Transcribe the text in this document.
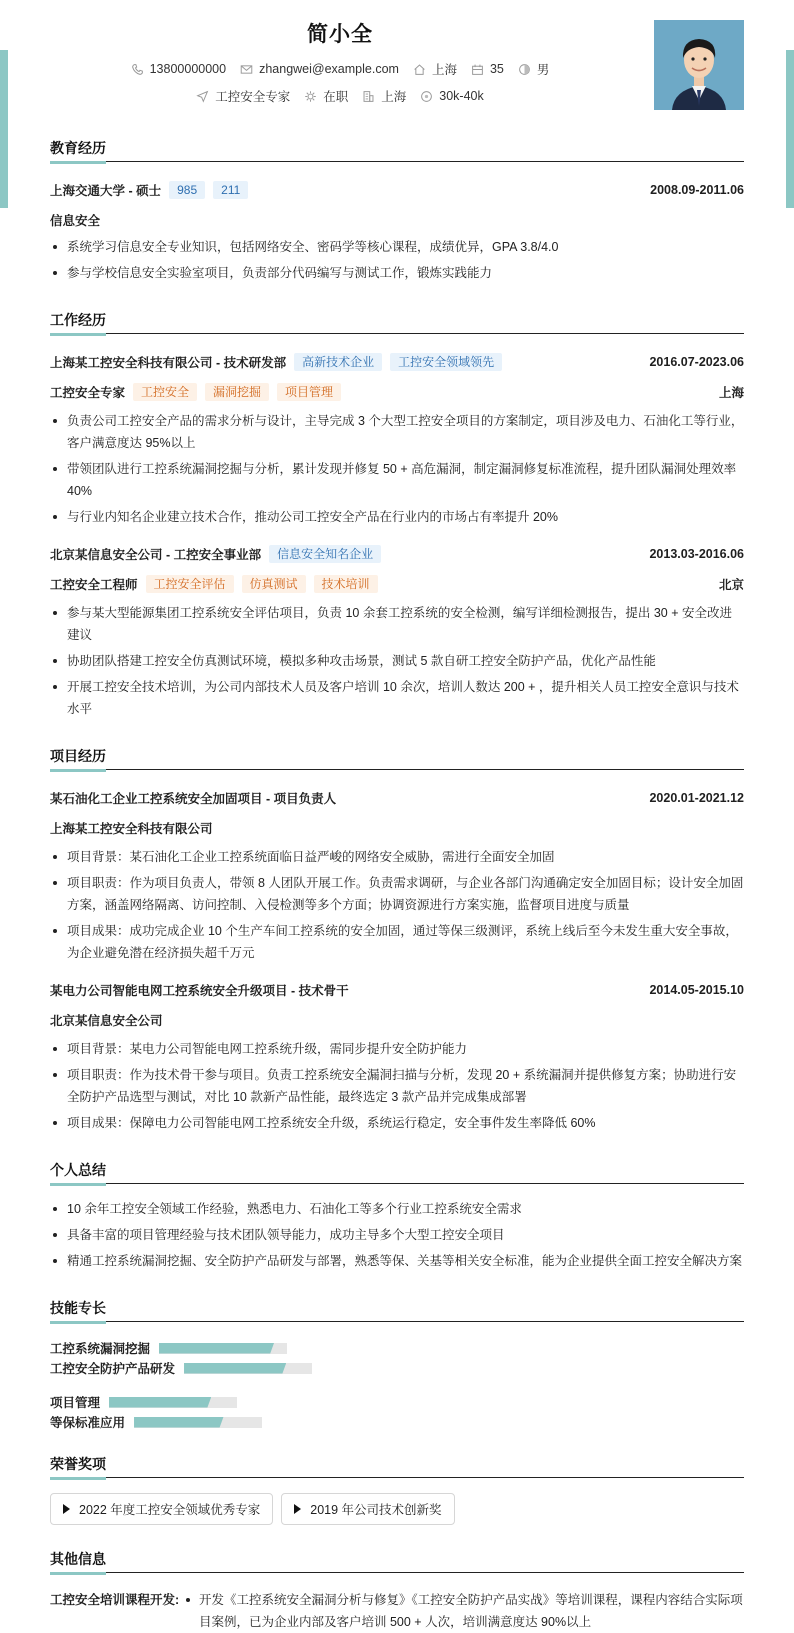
简小全
13800000000	zhangwei@example.com	上海	35	男
工控安全专家	在职	上海	30k-40k
教育经历
上海交通大学 - 硕士	985	211	2008.09-2011.06
信息安全
系统学习信息安全专业知识，包括网络安全、密码学等核心课程，成绩优异，GPA 3.8/4.0
参与学校信息安全实验室项目，负责部分代码编写与测试工作，锻炼实践能力
工作经历
上海某工控安全科技有限公司 - 技术研发部	高新技术企业	工控安全领域领先	2016.07-2023.06
工控安全专家	工控安全	漏洞挖掘	项目管理	上海
负责公司工控安全产品的需求分析与设计，主导完成 3 个大型工控安全项目的方案制定，项目涉及电力、石油化工等行业，客户满意度达 95%以上
带领团队进行工控系统漏洞挖掘与分析，累计发现并修复 50 + 高危漏洞，制定漏洞修复标准流程，提升团队漏洞处理效率 40%
与行业内知名企业建立技术合作，推动公司工控安全产品在行业内的市场占有率提升 20%
北京某信息安全公司 - 工控安全事业部	信息安全知名企业	2013.03-2016.06
工控安全工程师	工控安全评估	仿真测试	技术培训	北京
参与某大型能源集团工控系统安全评估项目，负责 10 余套工控系统的安全检测，编写详细检测报告，提出 30 + 安全改进建议
协助团队搭建工控安全仿真测试环境，模拟多种攻击场景，测试 5 款自研工控安全防护产品，优化产品性能
开展工控安全技术培训，为公司内部技术人员及客户培训 10 余次，培训人数达 200 + ，提升相关人员工控安全意识与技术水平
项目经历
某石油化工企业工控系统安全加固项目 - 项目负责人	2020.01-2021.12
上海某工控安全科技有限公司
项目背景：某石油化工企业工控系统面临日益严峻的网络安全威胁，需进行全面安全加固
项目职责：作为项目负责人，带领 8 人团队开展工作。负责需求调研，与企业各部门沟通确定安全加固目标；设计安全加固方案，涵盖网络隔离、访问控制、入侵检测等多个方面；协调资源进行方案实施，监督项目进度与质量
项目成果：成功完成企业 10 个生产车间工控系统的安全加固，通过等保三级测评，系统上线后至今未发生重大安全事故，为企业避免潜在经济损失超千万元
某电力公司智能电网工控系统安全升级项目 - 技术骨干	2014.05-2015.10
北京某信息安全公司
项目背景：某电力公司智能电网工控系统升级，需同步提升安全防护能力
项目职责：作为技术骨干参与项目。负责工控系统安全漏洞扫描与分析，发现 20 + 系统漏洞并提供修复方案；协助进行安全防护产品选型与测试，对比 10 款新产品性能，最终选定 3 款产品并完成集成部署
项目成果：保障电力公司智能电网工控系统安全升级，系统运行稳定，安全事件发生率降低 60%
个人总结
10 余年工控安全领域工作经验，熟悉电力、石油化工等多个行业工控系统安全需求
具备丰富的项目管理经验与技术团队领导能力，成功主导多个大型工控安全项目
精通工控系统漏洞挖掘、安全防护产品研发与部署，熟悉等保、关基等相关安全标准，能为企业提供全面工控安全解决方案
技能专长
工控系统漏洞挖掘
工控安全防护产品研发
项目管理
等保标准应用
荣誉奖项
2022 年度工控安全领域优秀专家	2019 年公司技术创新奖
其他信息
工控安全培训课程开发:	开发《工控系统安全漏洞分析与修复》《工控安全防护产品实战》等培训课程，课程内容结合实际项目案例，已为企业内部及客户培训 500 + 人次，培训满意度达 90%以上
